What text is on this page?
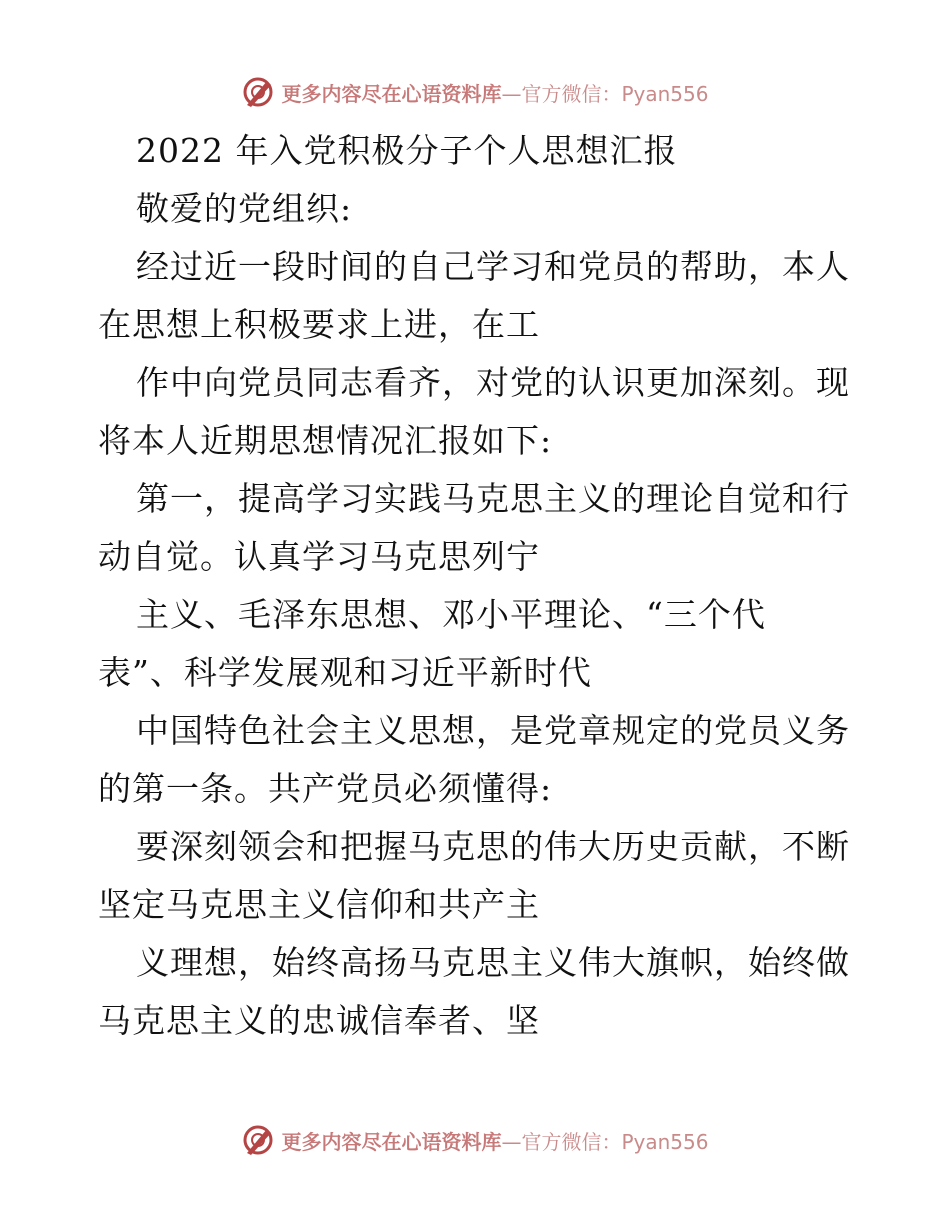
更多内容尽在心语资料库—官方微信：Pyan556
2022 年入党积极分子个人思想汇报
敬爱的党组织:
经过近一段时间的自己学习和党员的帮助，本人
在思想上积极要求上进，在工
作中向党员同志看齐，对党的认识更加深刻。现
将本人近期思想情况汇报如下:
第一，提高学习实践马克思主义的理论自觉和行
动自觉。认真学习马克思列宁
主义、毛泽东思想、邓小平理论、“三个代
表”、科学发展观和习近平新时代
中国特色社会主义思想，是党章规定的党员义务
的第一条。共产党员必须懂得:
要深刻领会和把握马克思的伟大历史贡献，不断
坚定马克思主义信仰和共产主
义理想，始终高扬马克思主义伟大旗帜，始终做
马克思主义的忠诚信奉者、坚
更多内容尽在心语资料库—官方微信：Pyan556
